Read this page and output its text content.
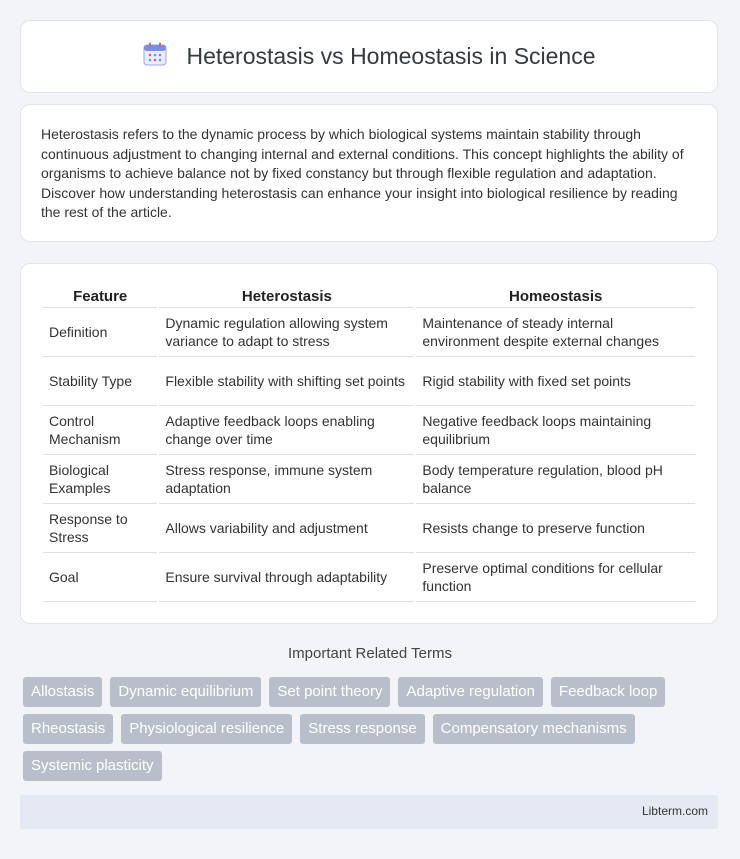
Heterostasis vs Homeostasis in Science

Heterostasis refers to the dynamic process by which biological systems maintain stability through continuous adjustment to changing internal and external conditions. This concept highlights the ability of organisms to achieve balance not by fixed constancy but through flexible regulation and adaptation. Discover how understanding heterostasis can enhance your insight into biological resilience by reading the rest of the article.

Feature	Heterostasis	Homeostasis
Definition	Dynamic regulation allowing system variance to adapt to stress	Maintenance of steady internal environment despite external changes
Stability Type	Flexible stability with shifting set points	Rigid stability with fixed set points
Control Mechanism	Adaptive feedback loops enabling change over time	Negative feedback loops maintaining equilibrium
Biological Examples	Stress response, immune system adaptation	Body temperature regulation, blood pH balance
Response to Stress	Allows variability and adjustment	Resists change to preserve function
Goal	Ensure survival through adaptability	Preserve optimal conditions for cellular function
Important Related Terms
Allostasis	Dynamic equilibrium	Set point theory	Adaptive regulation	Feedback loop
Rheostasis	Physiological resilience	Stress response	Compensatory mechanisms
Systemic plasticity
Libterm.com
